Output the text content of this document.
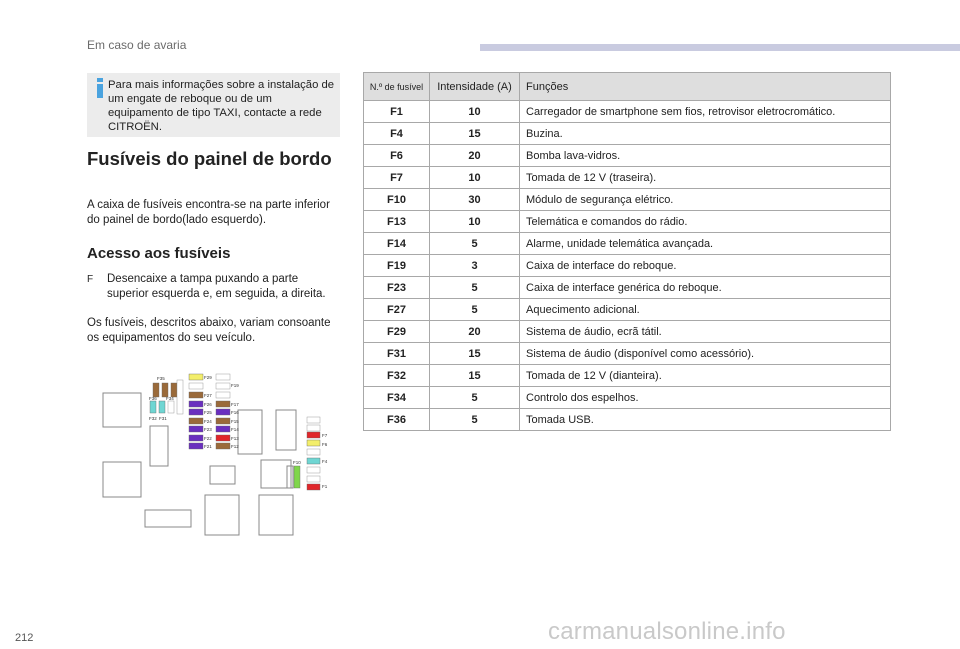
Em caso de avaria
Para mais informações sobre a instalação de um engate de reboque ou de um equipamento de tipo TAXI, contacte a rede CITROËN.
Fusíveis do painel de bordo

A caixa de fusíveis encontra-se na parte inferior do painel de bordo(lado esquerdo).

Acesso aos fusíveis
F Desencaixe a tampa puxando a parte superior esquerda e, em seguida, a direita.

Os fusíveis, descritos abaixo, variam consoante os equipamentos do seu veículo.

F29
F19
F27
F26	F17
F25	F16
F24	F15
F23	F14
F22	F13
F21	F12
F35
F36 F34
F32 F31
F7
F6
F4
F10
F1
N.º de fusível	Intensidade (A)	Funções
F1	10	Carregador de smartphone sem fios, retrovisor eletrocromático.
F4	15	Buzina.
F6	20	Bomba lava-vidros.
F7	10	Tomada de 12 V (traseira).
F10	30	Módulo de segurança elétrico.
F13	10	Telemática e comandos do rádio.
F14	5	Alarme, unidade telemática avançada.
F19	3	Caixa de interface do reboque.
F23	5	Caixa de interface genérica do reboque.
F27	5	Aquecimento adicional.
F29	20	Sistema de áudio, ecrã tátil.
F31	15	Sistema de áudio (disponível como acessório).
F32	15	Tomada de 12 V (dianteira).
F34	5	Controlo dos espelhos.
F36	5	Tomada USB.
212	carmanualsonline.info
